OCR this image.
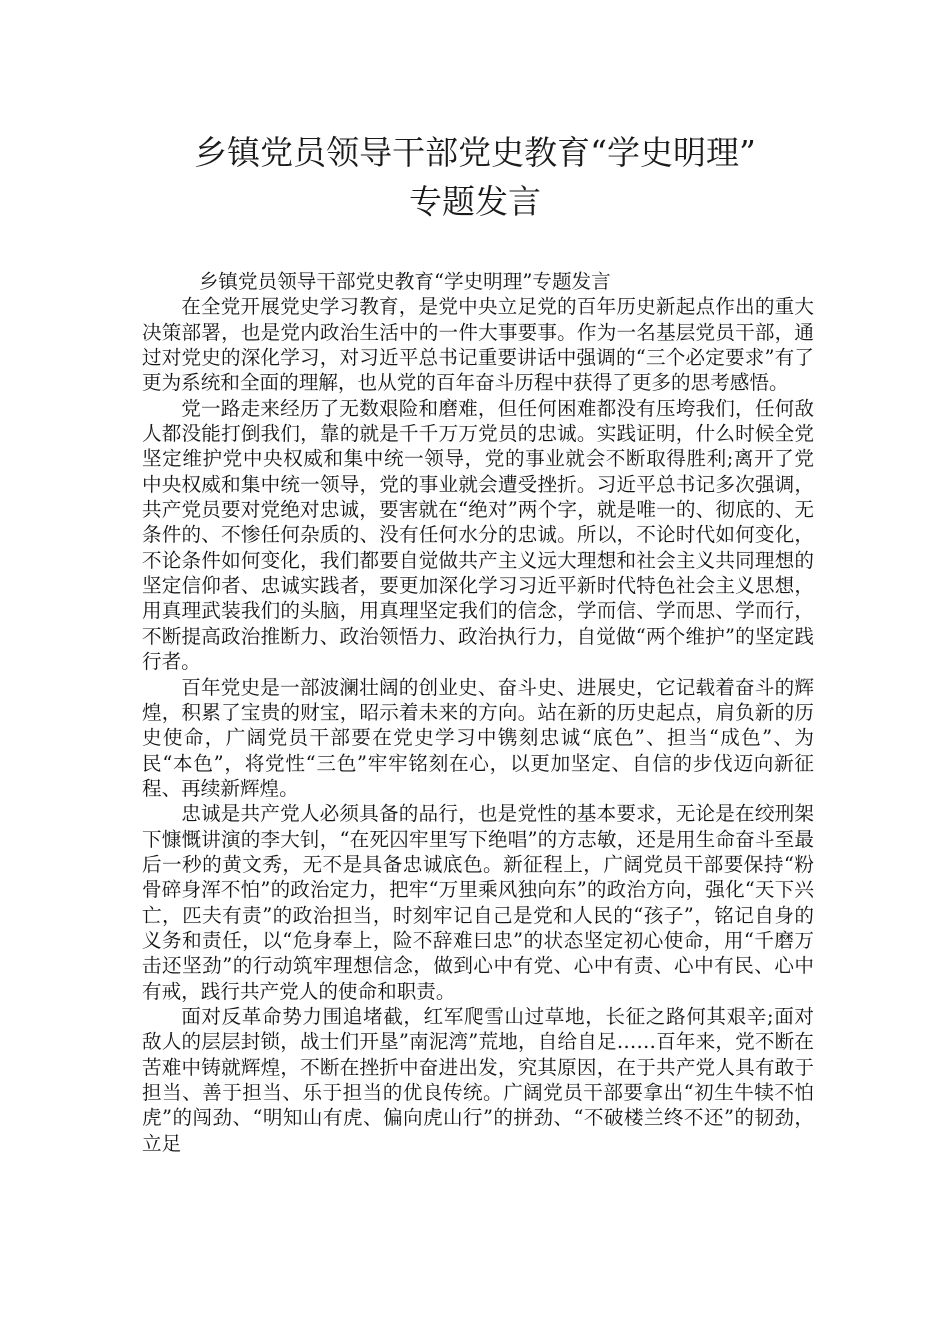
乡镇党员领导干部党史教育“学史明理”
专题发言

乡镇党员领导干部党史教育“学史明理”专题发言

在全党开展党史学习教育，是党中央立足党的百年历史新起点作出的重大决策部署，也是党内政治生活中的一件大事要事。作为一名基层党员干部，通过对党史的深化学习，对习近平总书记重要讲话中强调的“三个必定要求”有了更为系统和全面的理解，也从党的百年奋斗历程中获得了更多的思考感悟。

党一路走来经历了无数艰险和磨难，但任何困难都没有压垮我们，任何敌人都没能打倒我们，靠的就是千千万万党员的忠诚。实践证明，什么时候全党坚定维护党中央权威和集中统一领导，党的事业就会不断取得胜利;离开了党中央权威和集中统一领导，党的事业就会遭受挫折。习近平总书记多次强调，共产党员要对党绝对忠诚，要害就在“绝对”两个字，就是唯一的、彻底的、无条件的、不惨任何杂质的、没有任何水分的忠诚。所以，不论时代如何变化，不论条件如何变化，我们都要自觉做共产主义远大理想和社会主义共同理想的坚定信仰者、忠诚实践者，要更加深化学习习近平新时代特色社会主义思想，用真理武装我们的头脑，用真理坚定我们的信念，学而信、学而思、学而行，不断提高政治推断力、政治领悟力、政治执行力，自觉做“两个维护”的坚定践行者。

百年党史是一部波澜壮阔的创业史、奋斗史、进展史，它记载着奋斗的辉煌，积累了宝贵的财宝，昭示着未来的方向。站在新的历史起点，肩负新的历史使命，广阔党员干部要在党史学习中镌刻忠诚“底色”、担当“成色”、为民“本色”，将党性“三色”牢牢铭刻在心，以更加坚定、自信的步伐迈向新征程、再续新辉煌。

忠诚是共产党人必须具备的品行，也是党性的基本要求，无论是在绞刑架下慷慨讲演的李大钊，“在死囚牢里写下绝唱”的方志敏，还是用生命奋斗至最后一秒的黄文秀，无不是具备忠诚底色。新征程上，广阔党员干部要保持“粉骨碎身浑不怕”的政治定力，把牢“万里乘风独向东”的政治方向，强化“天下兴亡，匹夫有责”的政治担当，时刻牢记自己是党和人民的“孩子”，铭记自身的义务和责任，以“危身奉上，险不辞难曰忠”的状态坚定初心使命，用“千磨万击还坚劲”的行动筑牢理想信念，做到心中有党、心中有责、心中有民、心中有戒，践行共产党人的使命和职责。

面对反革命势力围追堵截，红军爬雪山过草地，长征之路何其艰辛;面对敌人的层层封锁，战士们开垦”南泥湾”荒地，自给自足……百年来，党不断在苦难中铸就辉煌，不断在挫折中奋进出发，究其原因，在于共产党人具有敢于担当、善于担当、乐于担当的优良传统。广阔党员干部要拿出“初生牛犊不怕虎”的闯劲、“明知山有虎、偏向虎山行”的拼劲、“不破楼兰终不还”的韧劲，立足
